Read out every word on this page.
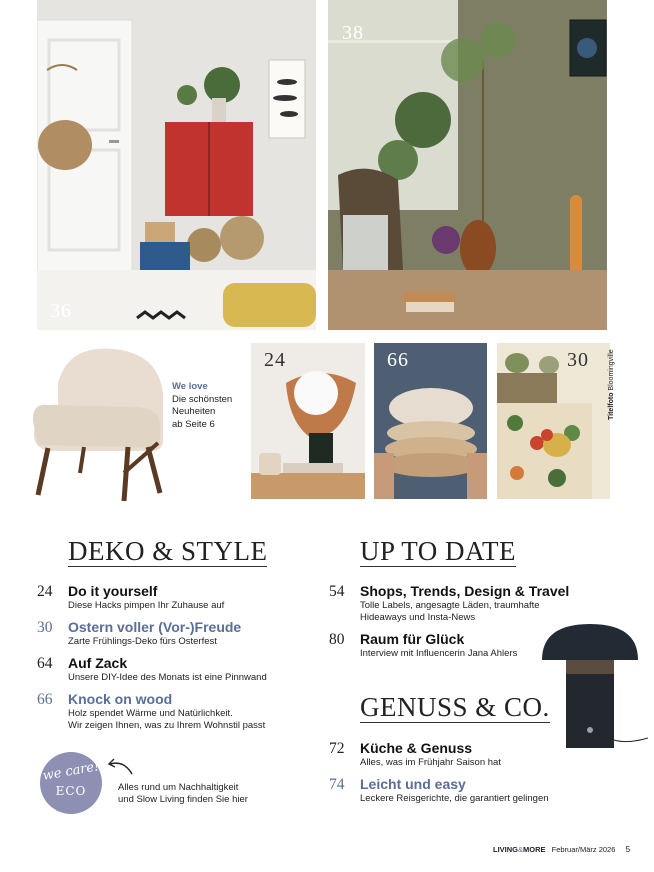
36
38
We love
Die schönsten
Neuheiten
ab Seite 6
24	66	30
Titelfoto Bloomingville
DEKO & STYLE	UP TO DATE
GENUSS & CO.
24 Do it yourself
Diese Hacks pimpen Ihr Zuhause auf
30 Ostern voller (Vor-)Freude
Zarte Frühlings-Deko fürs Osterfest
64 Auf Zack
Unsere DIY-Idee des Monats ist eine Pinnwand
66 Knock on wood
Holz spendet Wärme und Natürlichkeit.
Wir zeigen Ihnen, was zu Ihrem Wohnstil passt
54 Shops, Trends, Design & Travel
Tolle Labels, angesagte Läden, traumhafte
Hideaways und Insta-News
80 Raum für Glück
Interview mit Influencerin Jana Ahlers
72 Küche & Genuss
Alles, was im Frühjahr Saison hat
74 Leicht und easy
Leckere Reisgerichte, die garantiert gelingen
we care!
ECO	Alles rund um Nachhaltigkeit
und Slow Living finden Sie hier
LIVING&MORE Februar/März 2026 5
